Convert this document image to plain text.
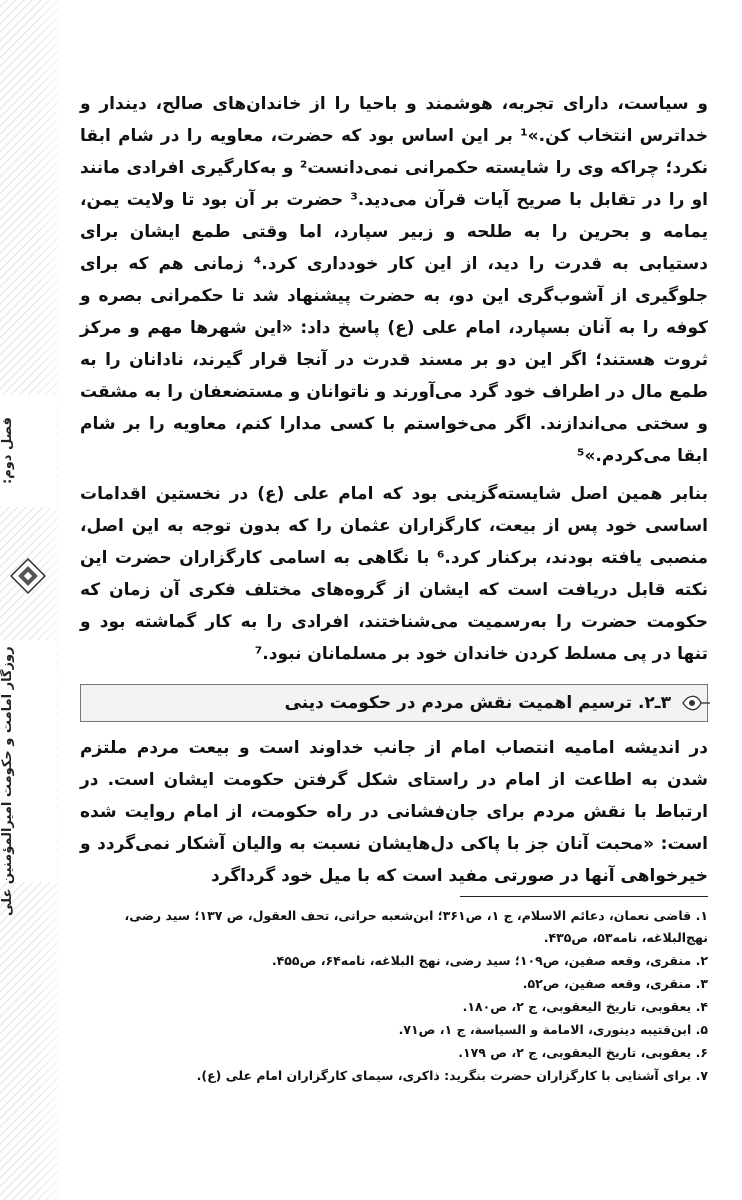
فصل دوم:
روزگار امامت و حکومت امیرالمؤمنین علی

و سیاست، دارای تجربه، هوشمند و باحیا را از خاندان‌های صالح، دیندار و خداترس انتخاب کن.»¹ بر این اساس بود که حضرت، معاویه را در شام ابقا نکرد؛ چراکه وی را شایسته حکمرانی نمی‌دانست² و به‌کارگیری افرادی مانند او را در تقابل با صریح آیات قرآن می‌دید.³ حضرت بر آن بود تا ولایت یمن، یمامه و بحرین را به طلحه و زبیر سپارد، اما وقتی طمع ایشان برای دستیابی به قدرت را دید، از این کار خودداری کرد.⁴ زمانی هم که برای جلوگیری از آشوب‌گری این دو، به حضرت پیشنهاد شد تا حکمرانی بصره و کوفه را به آنان بسپارد، امام علی (ع) پاسخ داد: «این شهرها مهم و مرکز ثروت هستند؛ اگر این دو بر مسند قدرت در آنجا قرار گیرند، نادانان را به طمع مال در اطراف خود گرد می‌آورند و ناتوانان و مستضعفان را به مشقت و سختی می‌اندازند. اگر می‌خواستم با کسی مدارا کنم، معاویه را بر شام ابقا می‌کردم.»⁵

بنابر همین اصل شایسته‌گزینی بود که امام علی (ع) در نخستین اقدامات اساسی خود پس از بیعت، کارگزاران عثمان را که بدون توجه به این اصل، منصبی یافته بودند، برکنار کرد.⁶ با نگاهی به اسامی کارگزاران حضرت این نکته قابل دریافت است که ایشان از گروه‌های مختلف فکری آن زمان که حکومت حضرت را به‌رسمیت می‌شناختند، افرادی را به کار گماشته بود و تنها در پی مسلط کردن خاندان خود بر مسلمانان نبود.⁷

۳ـ۲. ترسیم اهمیت نقش مردم در حکومت دینی

در اندیشه امامیه انتصاب امام از جانب خداوند است و بیعت مردم ملتزم شدن به اطاعت از امام در راستای شکل گرفتن حکومت ایشان است. در ارتباط با نقش مردم برای جان‌فشانی در راه حکومت، از امام روایت شده است: «محبت آنان جز با پاکی دل‌هایشان نسبت به والیان آشکار نمی‌گردد و خیرخواهی آنها در صورتی مفید است که با میل خود گرداگرد

۱. قاضی نعمان، دعائم الاسلام، ج ۱، ص۳۶۱؛ ابن‌شعبه حرانی، تحف العقول، ص ۱۳۷؛ سید رضی، نهج‌البلاغه، نامه۵۳، ص۴۳۵.

۲. منقری، وقعه صفین، ص۱۰۹؛ سید رضی، نهج البلاغه، نامه۶۴، ص۴۵۵.

۳. منقری، وقعه صفین، ص۵۲.

۴. یعقوبی، تاریخ الیعقوبی، ج ۲، ص۱۸۰.

۵. ابن‌قتیبه دینوری، الامامة و السیاسة، ج ۱، ص۷۱.

۶. یعقوبی، تاریخ الیعقوبی، ج ۲، ص ۱۷۹.

۷. برای آشنایی با کارگزاران حضرت بنگرید: ذاکری، سیمای کارگزاران امام علی (ع).
